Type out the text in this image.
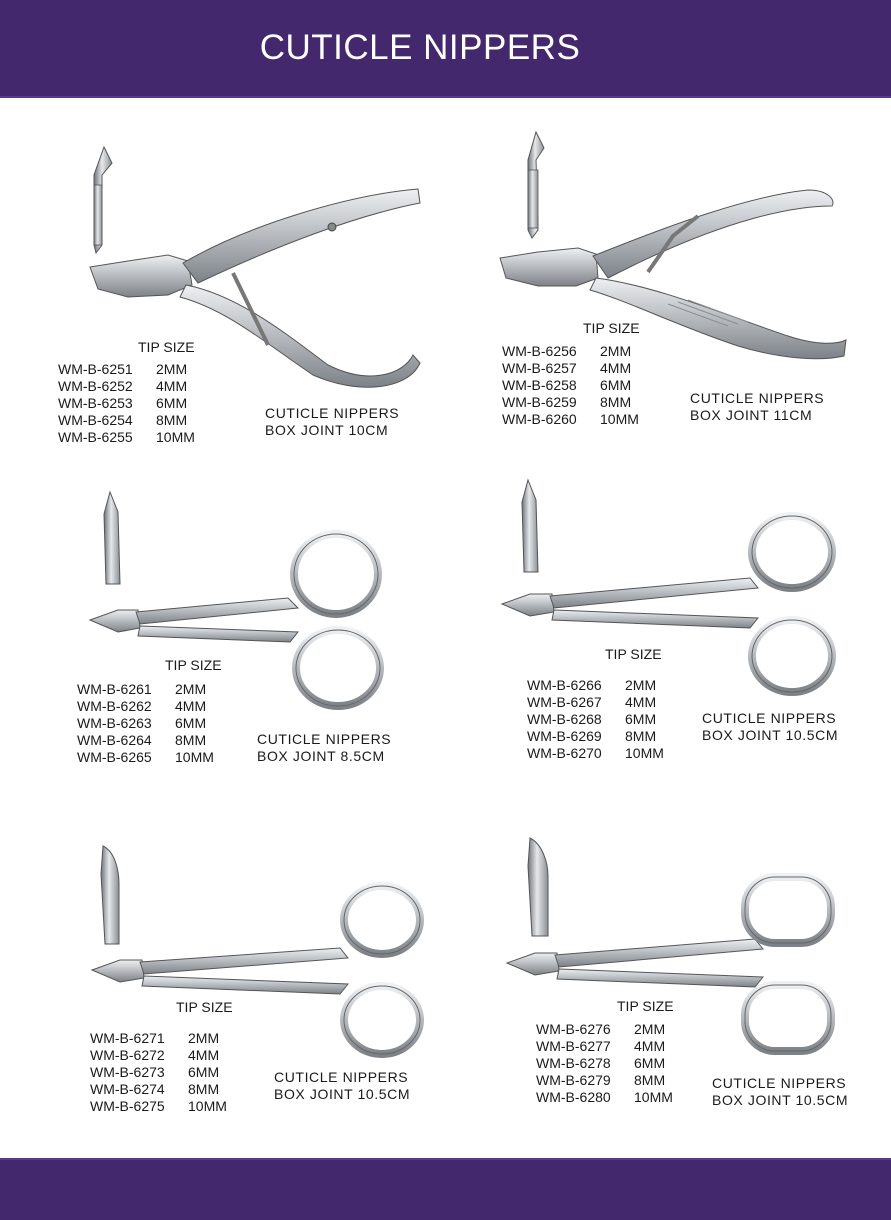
CUTICLE NIPPERS
TIP SIZE
WM-B-6251	2MM
WM-B-6252	4MM
WM-B-6253	6MM
WM-B-6254	8MM
WM-B-6255	10MM
CUTICLE NIPPERS
BOX JOINT 10CM
TIP SIZE
WM-B-6256	2MM
WM-B-6257	4MM
WM-B-6258	6MM
WM-B-6259	8MM
WM-B-6260	10MM
CUTICLE NIPPERS
BOX JOINT 11CM
TIP SIZE
WM-B-6261	2MM
WM-B-6262	4MM
WM-B-6263	6MM
WM-B-6264	8MM
WM-B-6265	10MM
CUTICLE NIPPERS
BOX JOINT 8.5CM
TIP SIZE
WM-B-6266	2MM
WM-B-6267	4MM
WM-B-6268	6MM
WM-B-6269	8MM
WM-B-6270	10MM
CUTICLE NIPPERS
BOX JOINT 10.5CM
TIP SIZE
WM-B-6271	2MM
WM-B-6272	4MM
WM-B-6273	6MM
WM-B-6274	8MM
WM-B-6275	10MM
CUTICLE NIPPERS
BOX JOINT 10.5CM
TIP SIZE
WM-B-6276	2MM
WM-B-6277	4MM
WM-B-6278	6MM
WM-B-6279	8MM
WM-B-6280	10MM
CUTICLE NIPPERS
BOX JOINT 10.5CM
